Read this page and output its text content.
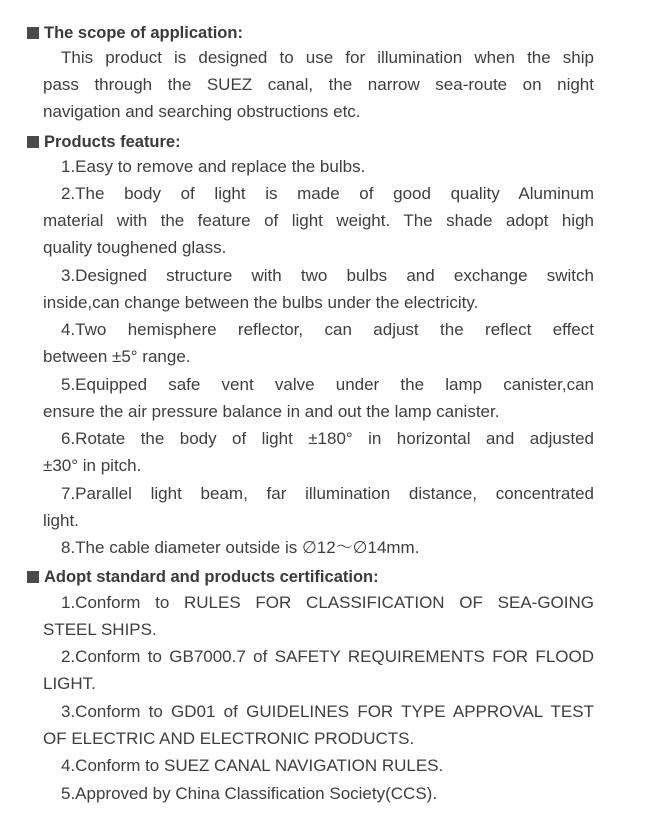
The scope of application:
This product is designed to use for illumination when the ship
pass through the SUEZ canal, the narrow sea-route on night
navigation and searching obstructions etc.
Products feature:
1.Easy to remove and replace the bulbs.
2.The body of light is made of good quality Aluminum
material with the feature of light weight. The shade adopt high
quality toughened glass.
3.Designed structure with two bulbs and exchange switch
inside,can change between the bulbs under the electricity.
4.Two hemisphere reflector, can adjust the reflect effect
between ±5° range.
5.Equipped safe vent valve under the lamp canister,can
ensure the air pressure balance in and out the lamp canister.
6.Rotate the body of light ±180° in horizontal and adjusted
±30° in pitch.
7.Parallel light beam, far illumination distance, concentrated
light.
8.The cable diameter outside is ∅12～∅14mm.
Adopt standard and products certification:
1.Conform to RULES FOR CLASSIFICATION OF SEA-GOING
STEEL SHIPS.
2.Conform to GB7000.7 of SAFETY REQUIREMENTS FOR FLOOD
LIGHT.
3.Conform to GD01 of GUIDELINES FOR TYPE APPROVAL TEST
OF ELECTRIC AND ELECTRONIC PRODUCTS.
4.Conform to SUEZ CANAL NAVIGATION RULES.
5.Approved by China Classification Society(CCS).
